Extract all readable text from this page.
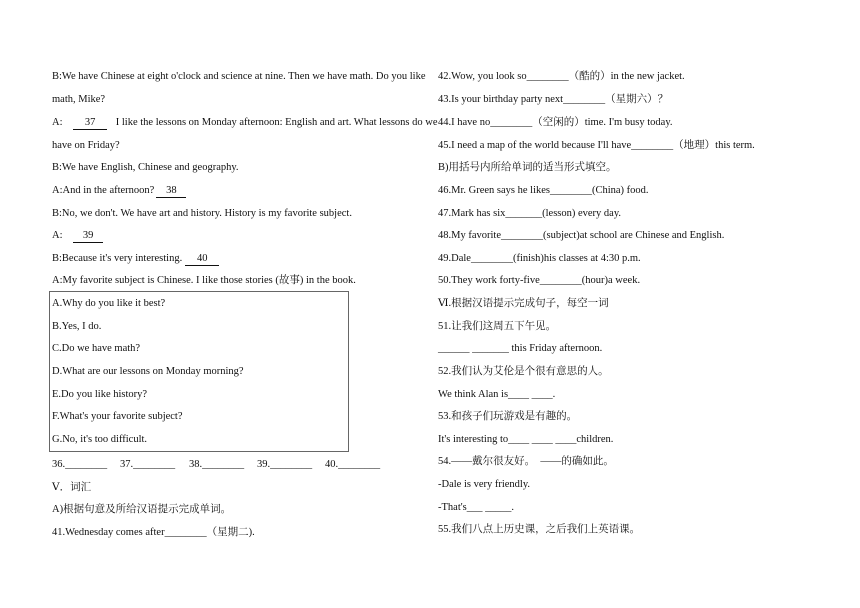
B:We have Chinese at eight o'clock and science at nine. Then we have math. Do you like
math, Mike?
A: 37 I like the lessons on Monday afternoon: English and art. What lessons do we
have on Friday?
B:We have English, Chinese and geography.
A:And in the afternoon? 38
B:No, we don't. We have art and history. History is my favorite subject.
A: 39
B:Because it's very interesting. 40
A:My favorite subject is Chinese. I like those stories (故事) in the book.
A.Why do you like it best?
B.Yes, I do.
C.Do we have math?
D.What are our lessons on Monday morning?
E.Do you like history?
F.What's your favorite subject?
G.No, it's too difficult.
36.________ 37.________ 38.________ 39.________ 40.________
Ⅴ．词汇
A)根据句意及所给汉语提示完成单词。
41.Wednesday comes after________（星期二).
42.Wow, you look so________（酷的）in the new jacket.
43.Is your birthday party next________（星期六）？
44.I have no________（空闲的）time. I'm busy today.
45.I need a map of the world because I'll have________（地理）this term.
B)用括号内所给单词的适当形式填空。
46.Mr. Green says he likes________(China) food.
47.Mark has six_______(lesson) every day.
48.My favorite________(subject)at school are Chinese and English.
49.Dale________(finish)his classes at 4:30 p.m.
50.They work forty-five________(hour)a week.
Ⅵ.根据汉语提示完成句子，每空一词
51.让我们这周五下午见。
______ _______ this Friday afternoon.
52.我们认为艾伦是个很有意思的人。
We think Alan is____ ____.
53.和孩子们玩游戏是有趣的。
It's interesting to____ ____ ____children.
54.——戴尔很友好。　——的确如此。
-Dale is very friendly.
-That's___ _____.
55.我们八点上历史课，之后我们上英语课。
